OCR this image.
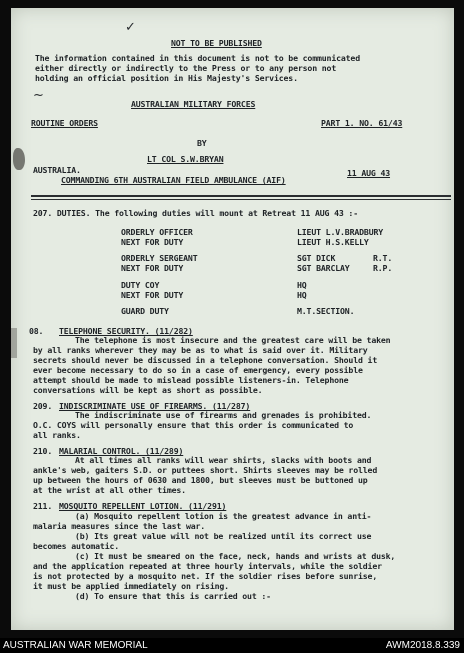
✓
~
NOT TO BE PUBLISHED
The information contained in this document is not to be communicated
either directly or indirectly to the Press or to any person not
holding an official position in His Majesty's Services.
AUSTRALIAN MILITARY FORCES
ROUTINE ORDERS	PART 1. NO. 61/43
BY
LT COL S.W.BRYAN
AUSTRALIA.
COMMANDING 6TH AUSTRALIAN FIELD AMBULANCE (AIF)
11 AUG 43
207. DUTIES. The following duties will mount at Retreat 11 AUG 43 :-
ORDERLY OFFICER	LIEUT L.V.BRADBURY
NEXT FOR DUTY	LIEUT H.S.KELLY
ORDERLY SERGEANT	SGT DICK	R.T.
NEXT FOR DUTY	SGT BARCLAY	R.P.
DUTY COY	HQ
NEXT FOR DUTY	HQ
GUARD DUTY	M.T.SECTION.
08. TELEPHONE SECURITY. (11/282)
The telephone is most insecure and the greatest care will be taken
by all ranks wherever they may be as to what is said over it. Military
secrets should never be discussed in a telephone conversation. Should it
ever become necessary to do so in a case of emergency, every possible
attempt should be made to mislead possible listeners-in. Telephone
conversations will be kept as short as possible.
209. INDISCRIMINATE USE OF FIREARMS. (11/287)
The indiscriminate use of firearms and grenades is prohibited.
O.C. COYS will personally ensure that this order is communicated to
all ranks.
210. MALARIAL CONTROL. (11/289)
At all times all ranks will wear shirts, slacks with boots and
ankle's web, gaiters S.D. or puttees short. Shirts sleeves may be rolled
up between the hours of 0630 and 1800, but sleeves must be buttoned up
at the wrist at all other times.
211. MOSQUITO REPELLENT LOTION. (11/291)
(a) Mosquito repellent lotion is the greatest advance in anti-
malaria measures since the last war.
(b) Its great value will not be realized until its correct use
becomes automatic.
(c) It must be smeared on the face, neck, hands and wrists at dusk,
and the application repeated at three hourly intervals, while the soldier
is not protected by a mosquito net. If the soldier rises before sunrise,
it must be applied immediately on rising.
(d) To ensure that this is carried out :-
AUSTRALIAN WAR MEMORIAL	AWM2018.8.339
